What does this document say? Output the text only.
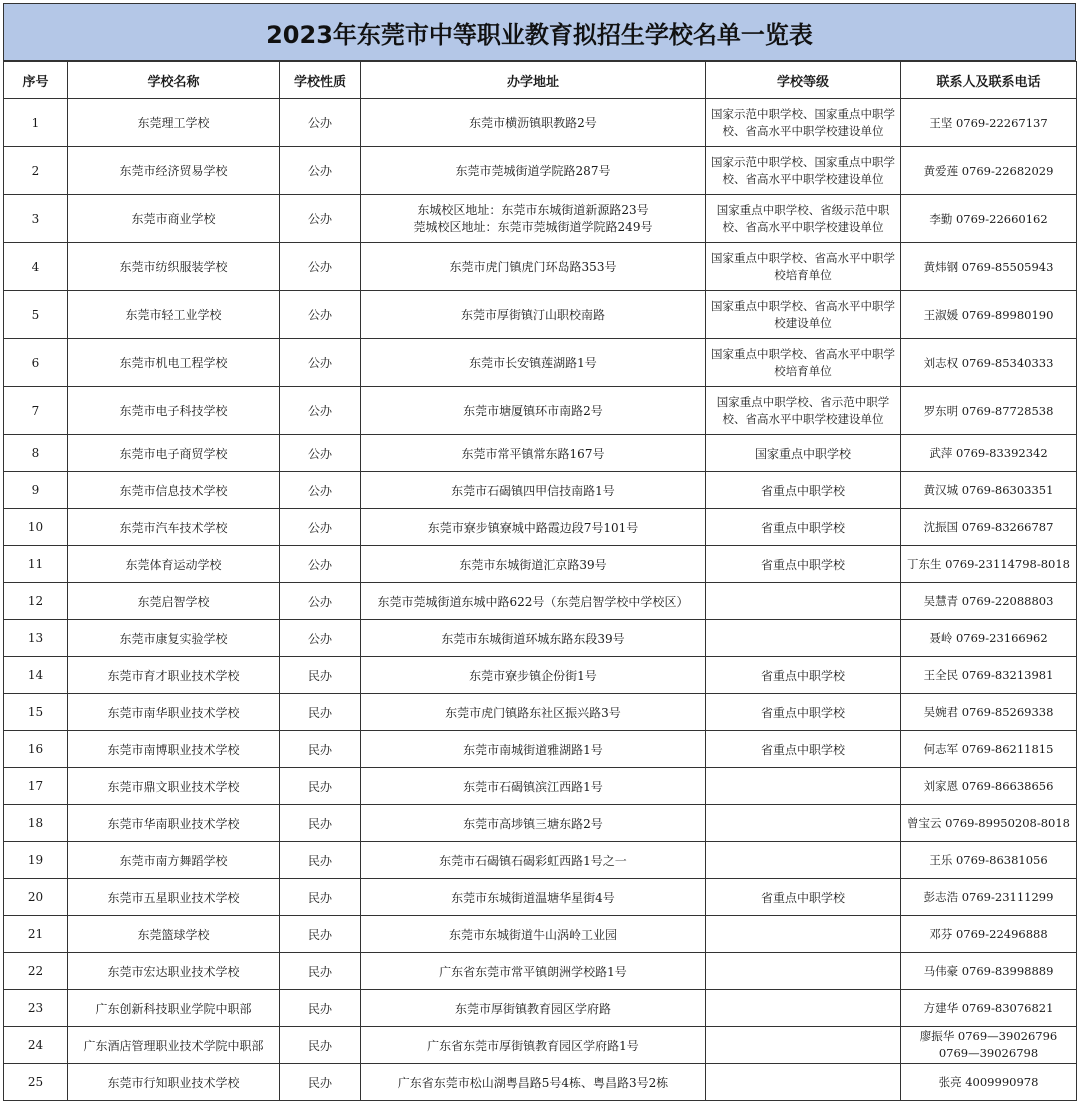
2023年东莞市中等职业教育拟招生学校名单一览表
序号	学校名称	学校性质	办学地址	学校等级	联系人及联系电话
1	东莞理工学校	公办	东莞市横沥镇职教路2号	国家示范中职学校、国家重点中职学校、省高水平中职学校建设单位	王坚 0769-22267137
2	东莞市经济贸易学校	公办	东莞市莞城街道学院路287号	国家示范中职学校、国家重点中职学校、省高水平中职学校建设单位	黄爱莲 0769-22682029
3	东莞市商业学校	公办	东城校区地址：东莞市东城街道新源路23号
莞城校区地址：东莞市莞城街道学院路249号	国家重点中职学校、省级示范中职校、省高水平中职学校建设单位	李勤 0769-22660162
4	东莞市纺织服装学校	公办	东莞市虎门镇虎门环岛路353号	国家重点中职学校、省高水平中职学校培育单位	黄炜钢 0769-85505943
5	东莞市轻工业学校	公办	东莞市厚街镇汀山职校南路	国家重点中职学校、省高水平中职学校建设单位	王淑媛 0769-89980190
6	东莞市机电工程学校	公办	东莞市长安镇莲湖路1号	国家重点中职学校、省高水平中职学校培育单位	刘志权 0769-85340333
7	东莞市电子科技学校	公办	东莞市塘厦镇环市南路2号	国家重点中职学校、省示范中职学校、省高水平中职学校建设单位	罗东明 0769-87728538
8	东莞市电子商贸学校	公办	东莞市常平镇常东路167号	国家重点中职学校	武萍 0769-83392342
9	东莞市信息技术学校	公办	东莞市石碣镇四甲信技南路1号	省重点中职学校	黄汉城 0769-86303351
10	东莞市汽车技术学校	公办	东莞市寮步镇寮城中路霞边段7号101号	省重点中职学校	沈振国 0769-83266787
11	东莞体育运动学校	公办	东莞市东城街道汇京路39号	省重点中职学校	丁东生 0769-23114798-8018
12	东莞启智学校	公办	东莞市莞城街道东城中路622号（东莞启智学校中学校区）		吴慧青 0769-22088803
13	东莞市康复实验学校	公办	东莞市东城街道环城东路东段39号		聂岭 0769-23166962
14	东莞市育才职业技术学校	民办	东莞市寮步镇企份街1号	省重点中职学校	王全民 0769-83213981
15	东莞市南华职业技术学校	民办	东莞市虎门镇路东社区振兴路3号	省重点中职学校	吴婉君 0769-85269338
16	东莞市南博职业技术学校	民办	东莞市南城街道雅湖路1号	省重点中职学校	何志军 0769-86211815
17	东莞市鼎文职业技术学校	民办	东莞市石碣镇滨江西路1号		刘家恩 0769-86638656
18	东莞市华南职业技术学校	民办	东莞市高埗镇三塘东路2号		曾宝云 0769-89950208-8018
19	东莞市南方舞蹈学校	民办	东莞市石碣镇石碣彩虹西路1号之一		王乐 0769-86381056
20	东莞市五星职业技术学校	民办	东莞市东城街道温塘华星街4号	省重点中职学校	彭志浩 0769-23111299
21	东莞篮球学校	民办	东莞市东城街道牛山涡岭工业园		邓芬 0769-22496888
22	东莞市宏达职业技术学校	民办	广东省东莞市常平镇朗洲学校路1号		马伟豪 0769-83998889
23	广东创新科技职业学院中职部	民办	东莞市厚街镇教育园区学府路		方建华 0769-83076821
24	广东酒店管理职业技术学院中职部	民办	广东省东莞市厚街镇教育园区学府路1号		廖振华 0769—39026796
0769—39026798

25	东莞市行知职业技术学校	民办	广东省东莞市松山湖粤昌路5号4栋、粤昌路3号2栋		张亮 4009990978
